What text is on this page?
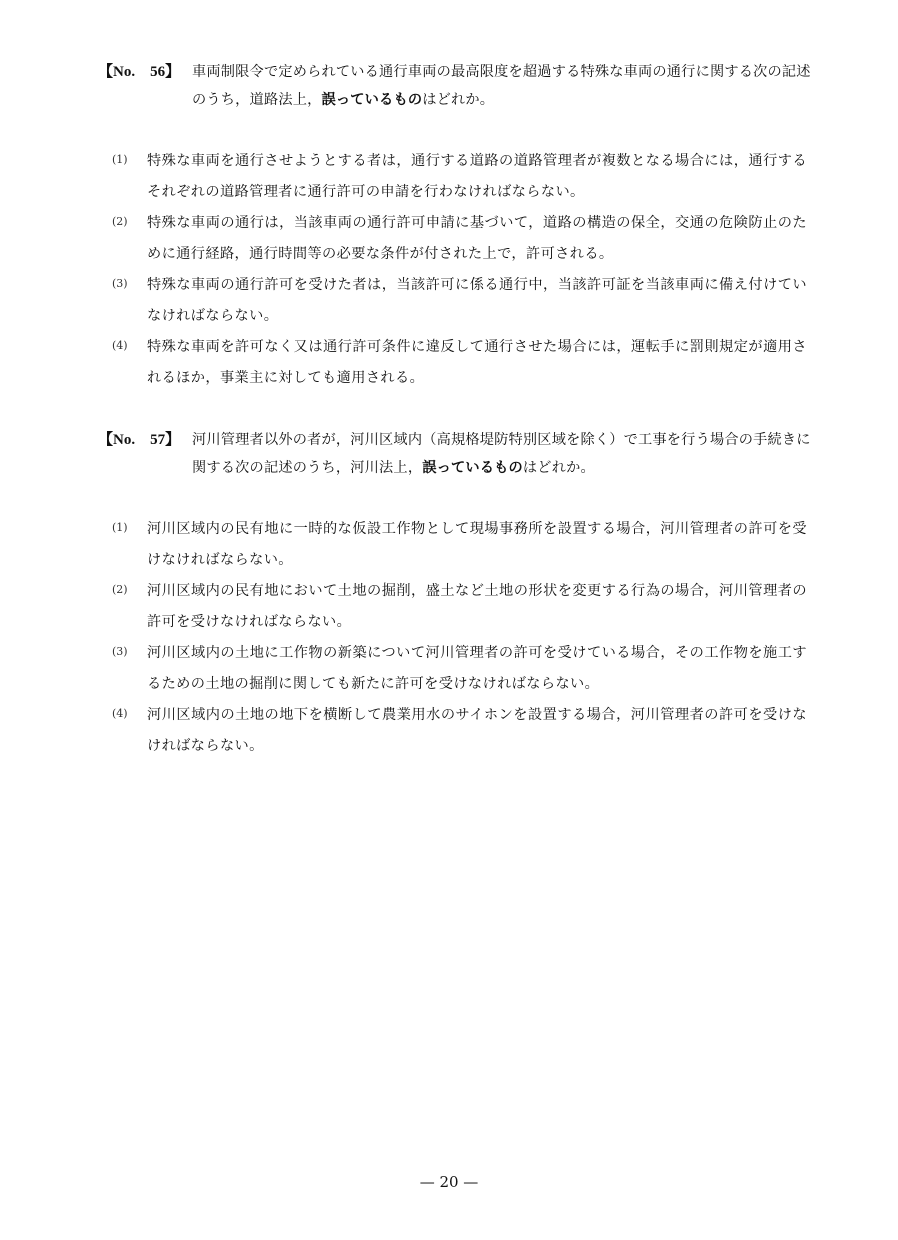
【No.　56】 車両制限令で定められている通行車両の最高限度を超過する特殊な車両の通行に関する次の記述のうち，道路法上，誤っているものはどれか。
(1) 特殊な車両を通行させようとする者は，通行する道路の道路管理者が複数となる場合には，通行するそれぞれの道路管理者に通行許可の申請を行わなければならない。
(2) 特殊な車両の通行は，当該車両の通行許可申請に基づいて，道路の構造の保全，交通の危険防止のために通行経路，通行時間等の必要な条件が付された上で，許可される。
(3) 特殊な車両の通行許可を受けた者は，当該許可に係る通行中，当該許可証を当該車両に備え付けていなければならない。
(4) 特殊な車両を許可なく又は通行許可条件に違反して通行させた場合には，運転手に罰則規定が適用されるほか，事業主に対しても適用される。
【No.　57】 河川管理者以外の者が，河川区域内（高規格堤防特別区域を除く）で工事を行う場合の手続きに関する次の記述のうち，河川法上，誤っているものはどれか。
(1) 河川区域内の民有地に一時的な仮設工作物として現場事務所を設置する場合，河川管理者の許可を受けなければならない。
(2) 河川区域内の民有地において土地の掘削，盛土など土地の形状を変更する行為の場合，河川管理者の許可を受けなければならない。
(3) 河川区域内の土地に工作物の新築について河川管理者の許可を受けている場合，その工作物を施工するための土地の掘削に関しても新たに許可を受けなければならない。
(4) 河川区域内の土地の地下を横断して農業用水のサイホンを設置する場合，河川管理者の許可を受けなければならない。
— 20 —
